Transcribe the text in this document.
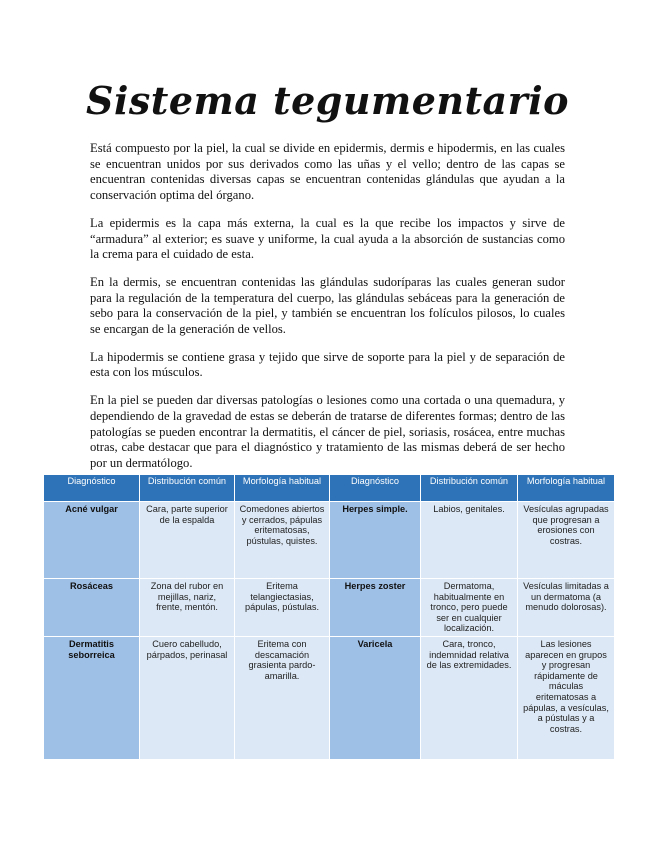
Sistema tegumentario

Está compuesto por la piel, la cual se divide en epidermis, dermis e hipodermis, en las cuales se encuentran unidos por sus derivados como las uñas y el vello; dentro de las capas se encuentran contenidas diversas capas se encuentran contenidas glándulas que ayudan a la conservación optima del órgano.

La epidermis es la capa más externa, la cual es la que recibe los impactos y sirve de “armadura” al exterior; es suave y uniforme, la cual ayuda a la absorción de sustancias como la crema para el cuidado de esta.

En la dermis, se encuentran contenidas las glándulas sudoríparas las cuales generan sudor para la regulación de la temperatura del cuerpo, las glándulas sebáceas para la generación de sebo para la conservación de la piel, y también se encuentran los folículos pilosos, lo cuales se encargan de la generación de vellos.

La hipodermis se contiene grasa y tejido que sirve de soporte para la piel y de separación de esta con los músculos.

En la piel se pueden dar diversas patologías o lesiones como una cortada o una quemadura, y dependiendo de la gravedad de estas se deberán de tratarse de diferentes formas; dentro de las patologías se pueden encontrar la dermatitis, el cáncer de piel, soriasis, rosácea, entre muchas otras, cabe destacar que para el diagnóstico y tratamiento de las mismas deberá de ser hecho por un dermatólogo.

Diagnóstico	Distribución común	Morfología habitual	Diagnóstico	Distribución común	Morfología habitual
Acné vulgar	Cara, parte superior de la espalda	Comedones abiertos y cerrados, pápulas eritematosas, pústulas, quistes.	Herpes simple.	Labios, genitales.	Vesículas agrupadas que progresan a erosiones con costras.
Rosáceas	Zona del rubor en mejillas, nariz, frente, mentón.	Eritema telangiectasias, pápulas, pústulas.	Herpes zoster	Dermatoma, habitualmente en tronco, pero puede ser en cualquier localización.	Vesículas limitadas a un dermatoma (a menudo dolorosas).
Dermatitis seborreica	Cuero cabelludo, párpados, perinasal	Eritema con descamación grasienta pardo-amarilla.	Varicela	Cara, tronco, indemnidad relativa de las extremidades.	Las lesiones aparecen en grupos y progresan rápidamente de máculas eritematosas a pápulas, a vesículas, a pústulas y a costras.
